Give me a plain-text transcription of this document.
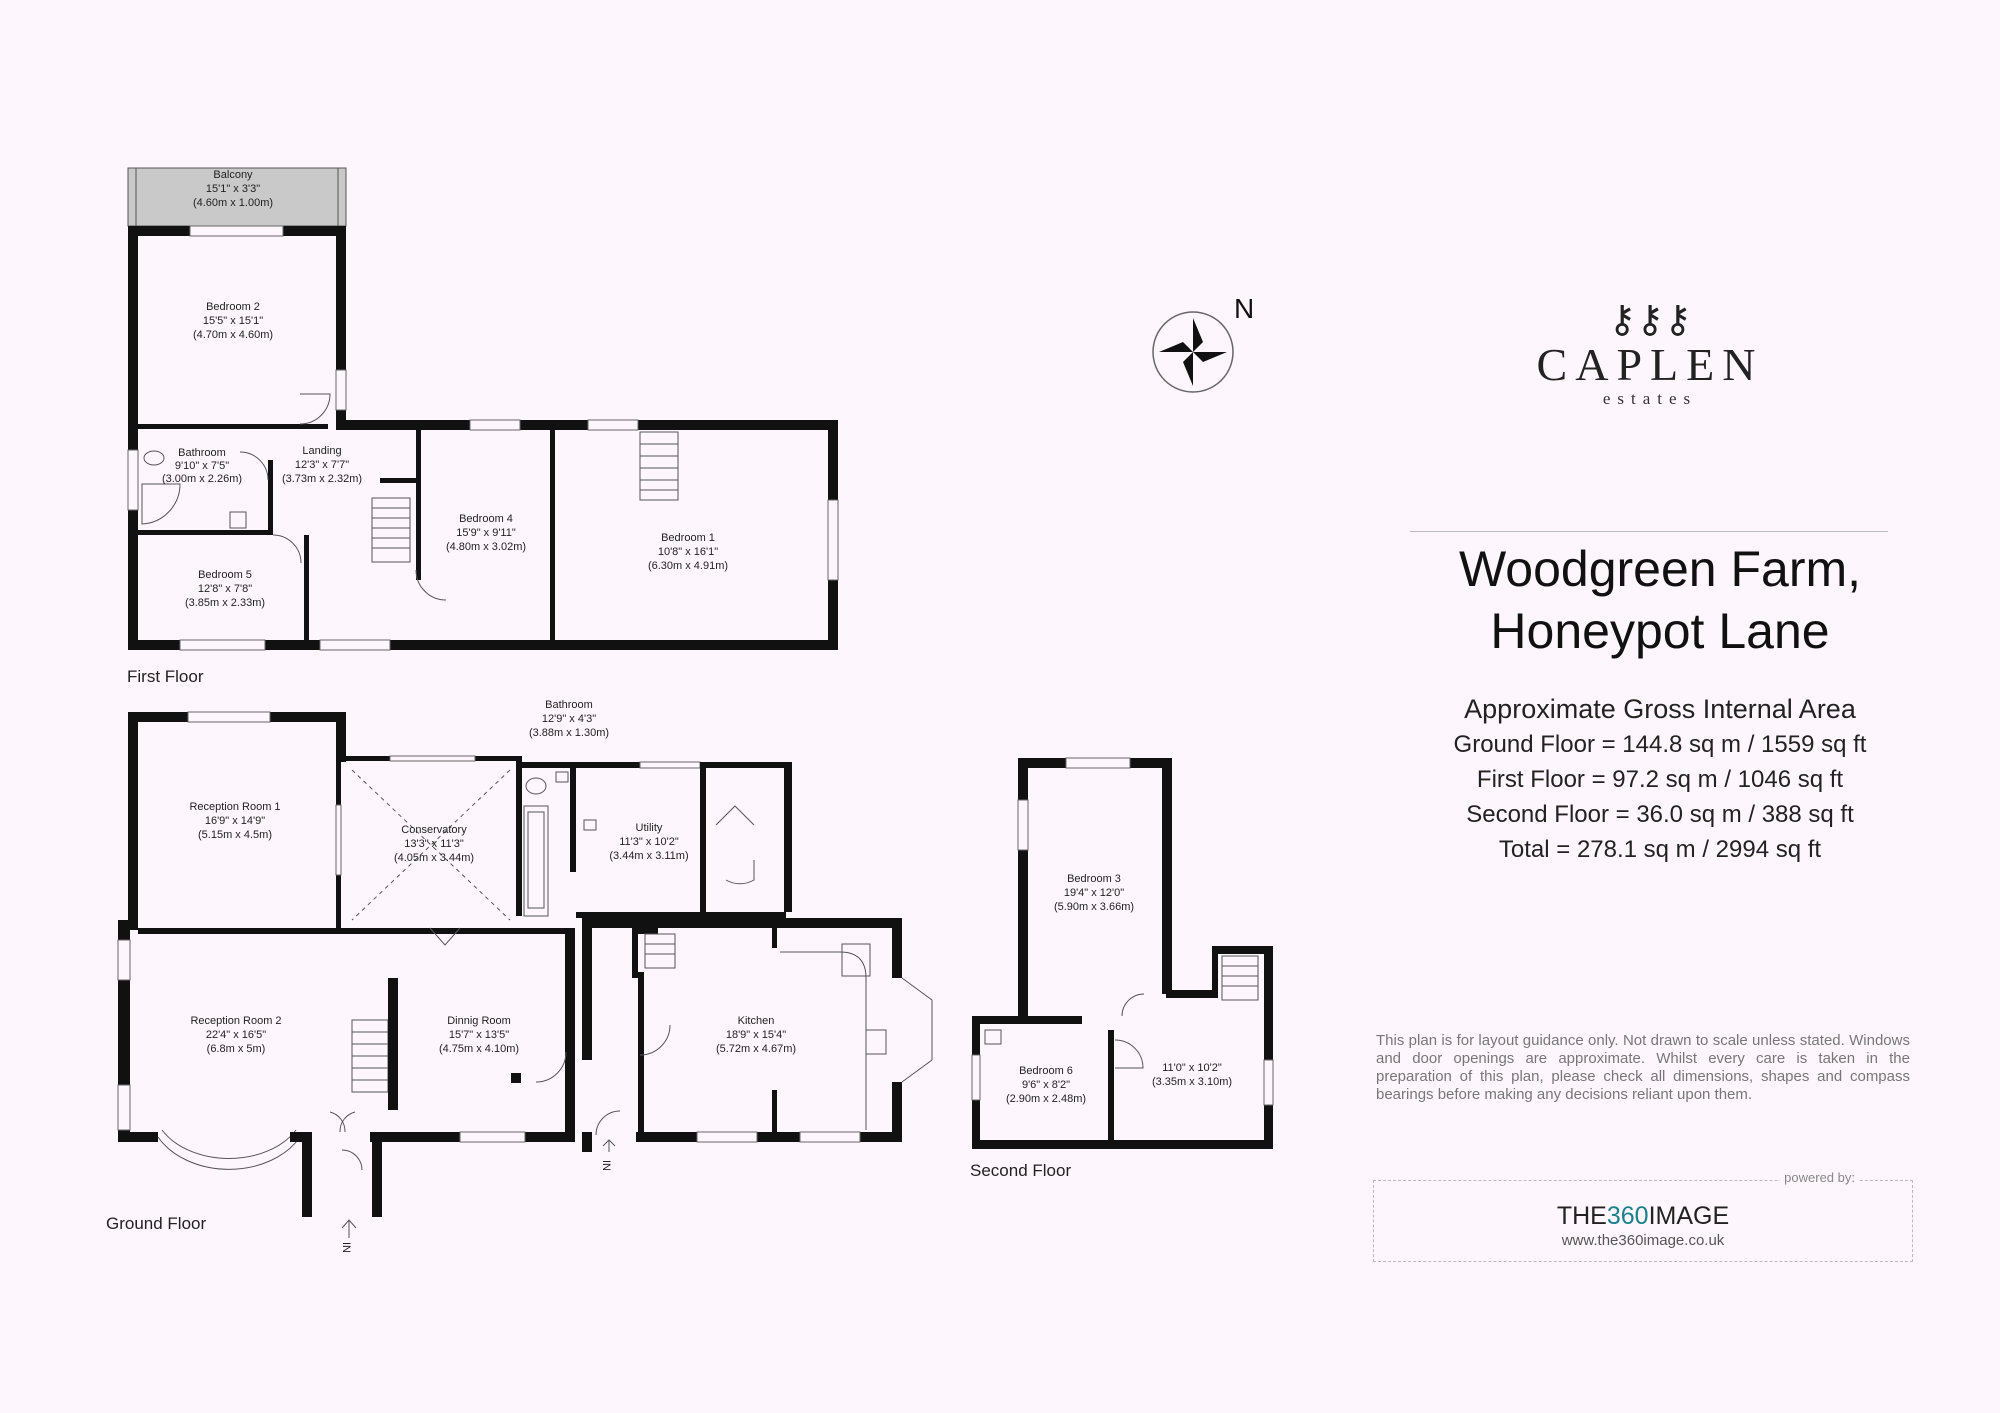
N
Balcony
15'1" x 3'3"
(4.60m x 1.00m)
Bedroom 2
15'5" x 15'1"
(4.70m x 4.60m)
Bathroom
9'10" x 7'5"
(3.00m x 2.26m)
Landing
12'3" x 7'7"
(3.73m x 2.32m)
Bedroom 4
15'9" x 9'11"
(4.80m x 3.02m)
Bedroom 1
10'8" x 16'1"
(6.30m x 4.91m)
Bedroom 5
12'8" x 7'8"
(3.85m x 2.33m)
Reception Room 1
16'9" x 14'9"
(5.15m x 4.5m)	Conservatory
13'3" x 11'3"
(4.05m x 3.44m)
Bathroom
12'9" x 4'3"
(3.88m x 1.30m)
Utility
11'3" x 10'2"
(3.44m x 3.11m)
Reception Room 2
22'4" x 16'5"
(6.8m x 5m)
Dinnig Room
15'7" x 13'5"
(4.75m x 4.10m)
Kitchen
18'9" x 15'4"
(5.72m x 4.67m)
Bedroom 3
19'4" x 12'0"
(5.90m x 3.66m)
Bedroom 6
9'6" x 8'2"
(2.90m x 2.48m)
11'0" x 10'2"
(3.35m x 3.10m)
First Floor
Ground Floor
Second Floor
IN
IN
⚷⚷⚷
CAPLEN
estates
Woodgreen Farm,
Honeypot Lane
Approximate Gross Internal Area
Ground Floor = 144.8 sq m / 1559 sq ft
First Floor = 97.2 sq m / 1046 sq ft
Second Floor = 36.0 sq m / 388 sq ft
Total = 278.1 sq m / 2994 sq ft
This plan is for layout guidance only. Not drawn to scale unless stated. Windows and door openings are approximate. Whilst every care is taken in the preparation of this plan, please check all dimensions, shapes and compass bearings before making any decisions reliant upon them.
powered by:
THE360IMAGE
www.the360image.co.uk
